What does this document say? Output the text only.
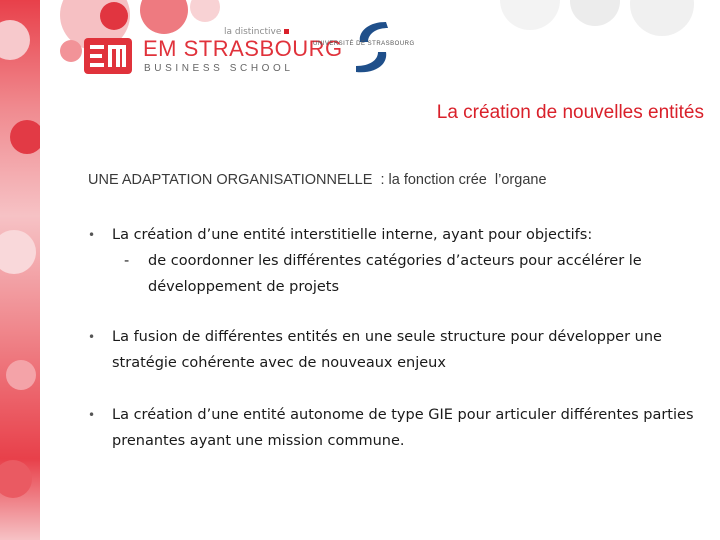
la distinctive
EM STRASBOURG
BUSINESS SCHOOL
UNIVERSITÉ DE STRASBOURG
La création de nouvelles entités
UNE ADAPTATION ORGANISATIONNELLE  : la fonction crée  l’organe
• La création d’une entité interstitielle interne, ayant pour objectifs:
- de coordonner les différentes catégories d’acteurs pour accélérer le développement de projets
• La fusion de différentes entités en une seule structure pour développer une stratégie cohérente avec de nouveaux enjeux
• La création d’une entité autonome de type GIE pour articuler différentes parties prenantes ayant une mission commune.
